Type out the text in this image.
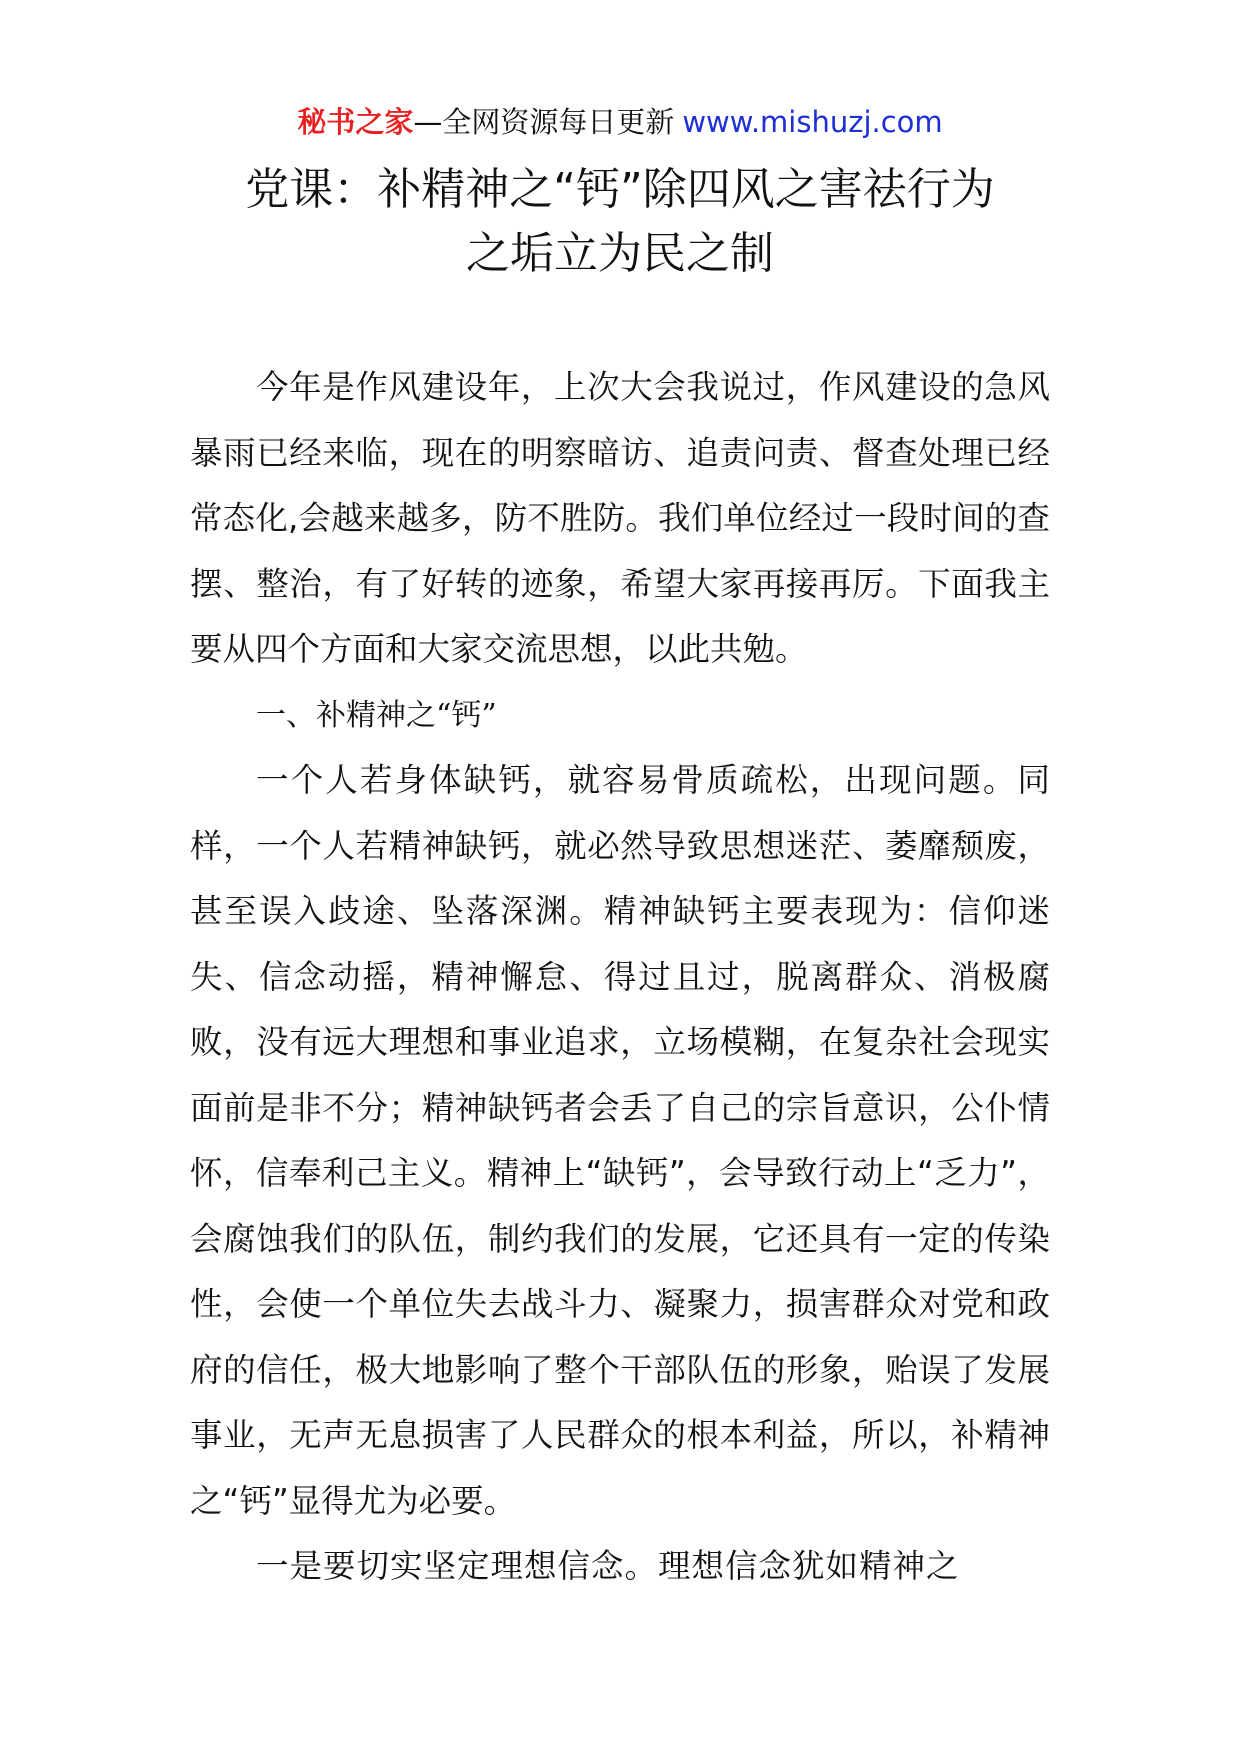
秘书之家—全网资源每日更新 www.mishuzj.com
党课：补精神之“钙”除四风之害祛行为
之垢立为民之制

今年是作风建设年，上次大会我说过，作风建设的急风暴雨已经来临，现在的明察暗访、追责问责、督查处理已经常态化,会越来越多，防不胜防。我们单位经过一段时间的查摆、整治，有了好转的迹象，希望大家再接再厉。下面我主要从四个方面和大家交流思想，以此共勉。

一、补精神之“钙”

一个人若身体缺钙，就容易骨质疏松，出现问题。同样，一个人若精神缺钙，就必然导致思想迷茫、萎靡颓废，甚至误入歧途、坠落深渊。精神缺钙主要表现为：信仰迷失、信念动摇，精神懈怠、得过且过，脱离群众、消极腐败，没有远大理想和事业追求，立场模糊，在复杂社会现实面前是非不分；精神缺钙者会丢了自己的宗旨意识，公仆情怀，信奉利己主义。精神上“缺钙”，会导致行动上“乏力”，会腐蚀我们的队伍，制约我们的发展，它还具有一定的传染性，会使一个单位失去战斗力、凝聚力，损害群众对党和政府的信任，极大地影响了整个干部队伍的形象，贻误了发展事业，无声无息损害了人民群众的根本利益，所以，补精神之“钙”显得尤为必要。

一是要切实坚定理想信念。理想信念犹如精神之
